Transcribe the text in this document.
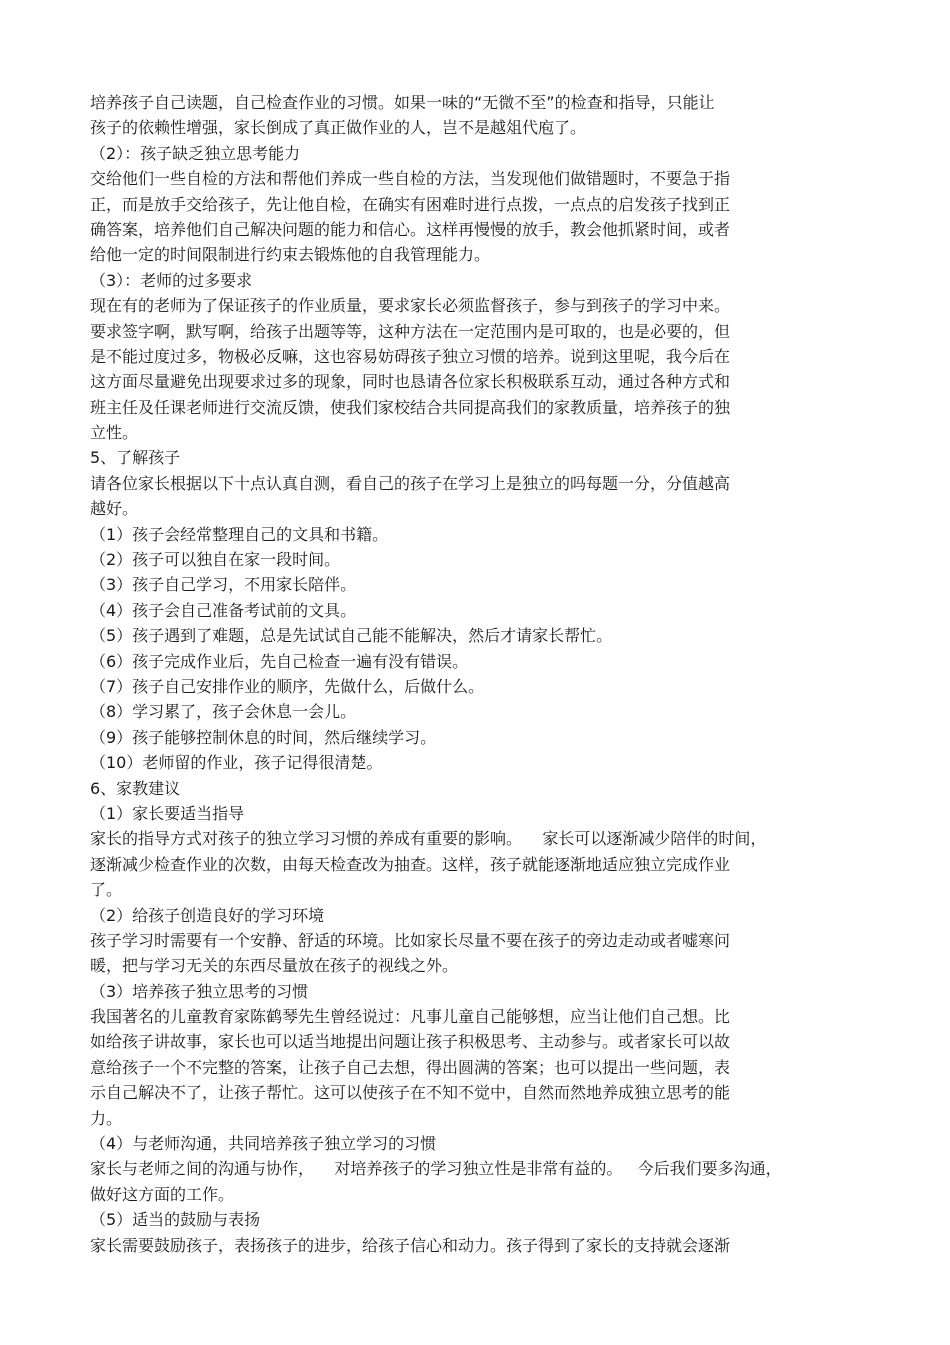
培养孩子自己读题，自己检查作业的习惯。如果一味的“无微不至”的检查和指导，只能让
孩子的依赖性增强，家长倒成了真正做作业的人，岂不是越俎代庖了。
（2）：孩子缺乏独立思考能力
交给他们一些自检的方法和帮他们养成一些自检的方法，当发现他们做错题时，不要急于指
正，而是放手交给孩子，先让他自检，在确实有困难时进行点拨，一点点的启发孩子找到正
确答案，培养他们自己解决问题的能力和信心。这样再慢慢的放手，教会他抓紧时间，或者
给他一定的时间限制进行约束去锻炼他的自我管理能力。
（3）：老师的过多要求
现在有的老师为了保证孩子的作业质量，要求家长必须监督孩子，参与到孩子的学习中来。
要求签字啊，默写啊，给孩子出题等等，这种方法在一定范围内是可取的，也是必要的，但
是不能过度过多，物极必反嘛，这也容易妨碍孩子独立习惯的培养。说到这里呢，我今后在
这方面尽量避免出现要求过多的现象，同时也恳请各位家长积极联系互动，通过各种方式和
班主任及任课老师进行交流反馈，使我们家校结合共同提高我们的家教质量，培养孩子的独
立性。
5、了解孩子
请各位家长根据以下十点认真自测，看自己的孩子在学习上是独立的吗每题一分，分值越高
越好。
（1）孩子会经常整理自己的文具和书籍。
（2）孩子可以独自在家一段时间。
（3）孩子自己学习，不用家长陪伴。
（4）孩子会自己准备考试前的文具。
（5）孩子遇到了难题，总是先试试自己能不能解决，然后才请家长帮忙。
（6）孩子完成作业后，先自己检查一遍有没有错误。
（7）孩子自己安排作业的顺序，先做什么，后做什么。
（8）学习累了，孩子会休息一会儿。
（9）孩子能够控制休息的时间，然后继续学习。
（10）老师留的作业，孩子记得很清楚。
6、家教建议
（1）家长要适当指导
家长的指导方式对孩子的独立学习习惯的养成有重要的影响。    家长可以逐渐减少陪伴的时间，
逐渐减少检查作业的次数，由每天检查改为抽查。这样，孩子就能逐渐地适应独立完成作业
了。
（2）给孩子创造良好的学习环境
孩子学习时需要有一个安静、舒适的环境。比如家长尽量不要在孩子的旁边走动或者嘘寒问
暖，把与学习无关的东西尽量放在孩子的视线之外。
（3）培养孩子独立思考的习惯
我国著名的儿童教育家陈鹤琴先生曾经说过：凡事儿童自己能够想，应当让他们自己想。比
如给孩子讲故事，家长也可以适当地提出问题让孩子积极思考、主动参与。或者家长可以故
意给孩子一个不完整的答案，让孩子自己去想，得出圆满的答案；也可以提出一些问题，表
示自己解决不了，让孩子帮忙。这可以使孩子在不知不觉中，自然而然地养成独立思考的能
力。
（4）与老师沟通，共同培养孩子独立学习的习惯
家长与老师之间的沟通与协作，    对培养孩子的学习独立性是非常有益的。   今后我们要多沟通，
做好这方面的工作。
（5）适当的鼓励与表扬
家长需要鼓励孩子，表扬孩子的进步，给孩子信心和动力。孩子得到了家长的支持就会逐渐
